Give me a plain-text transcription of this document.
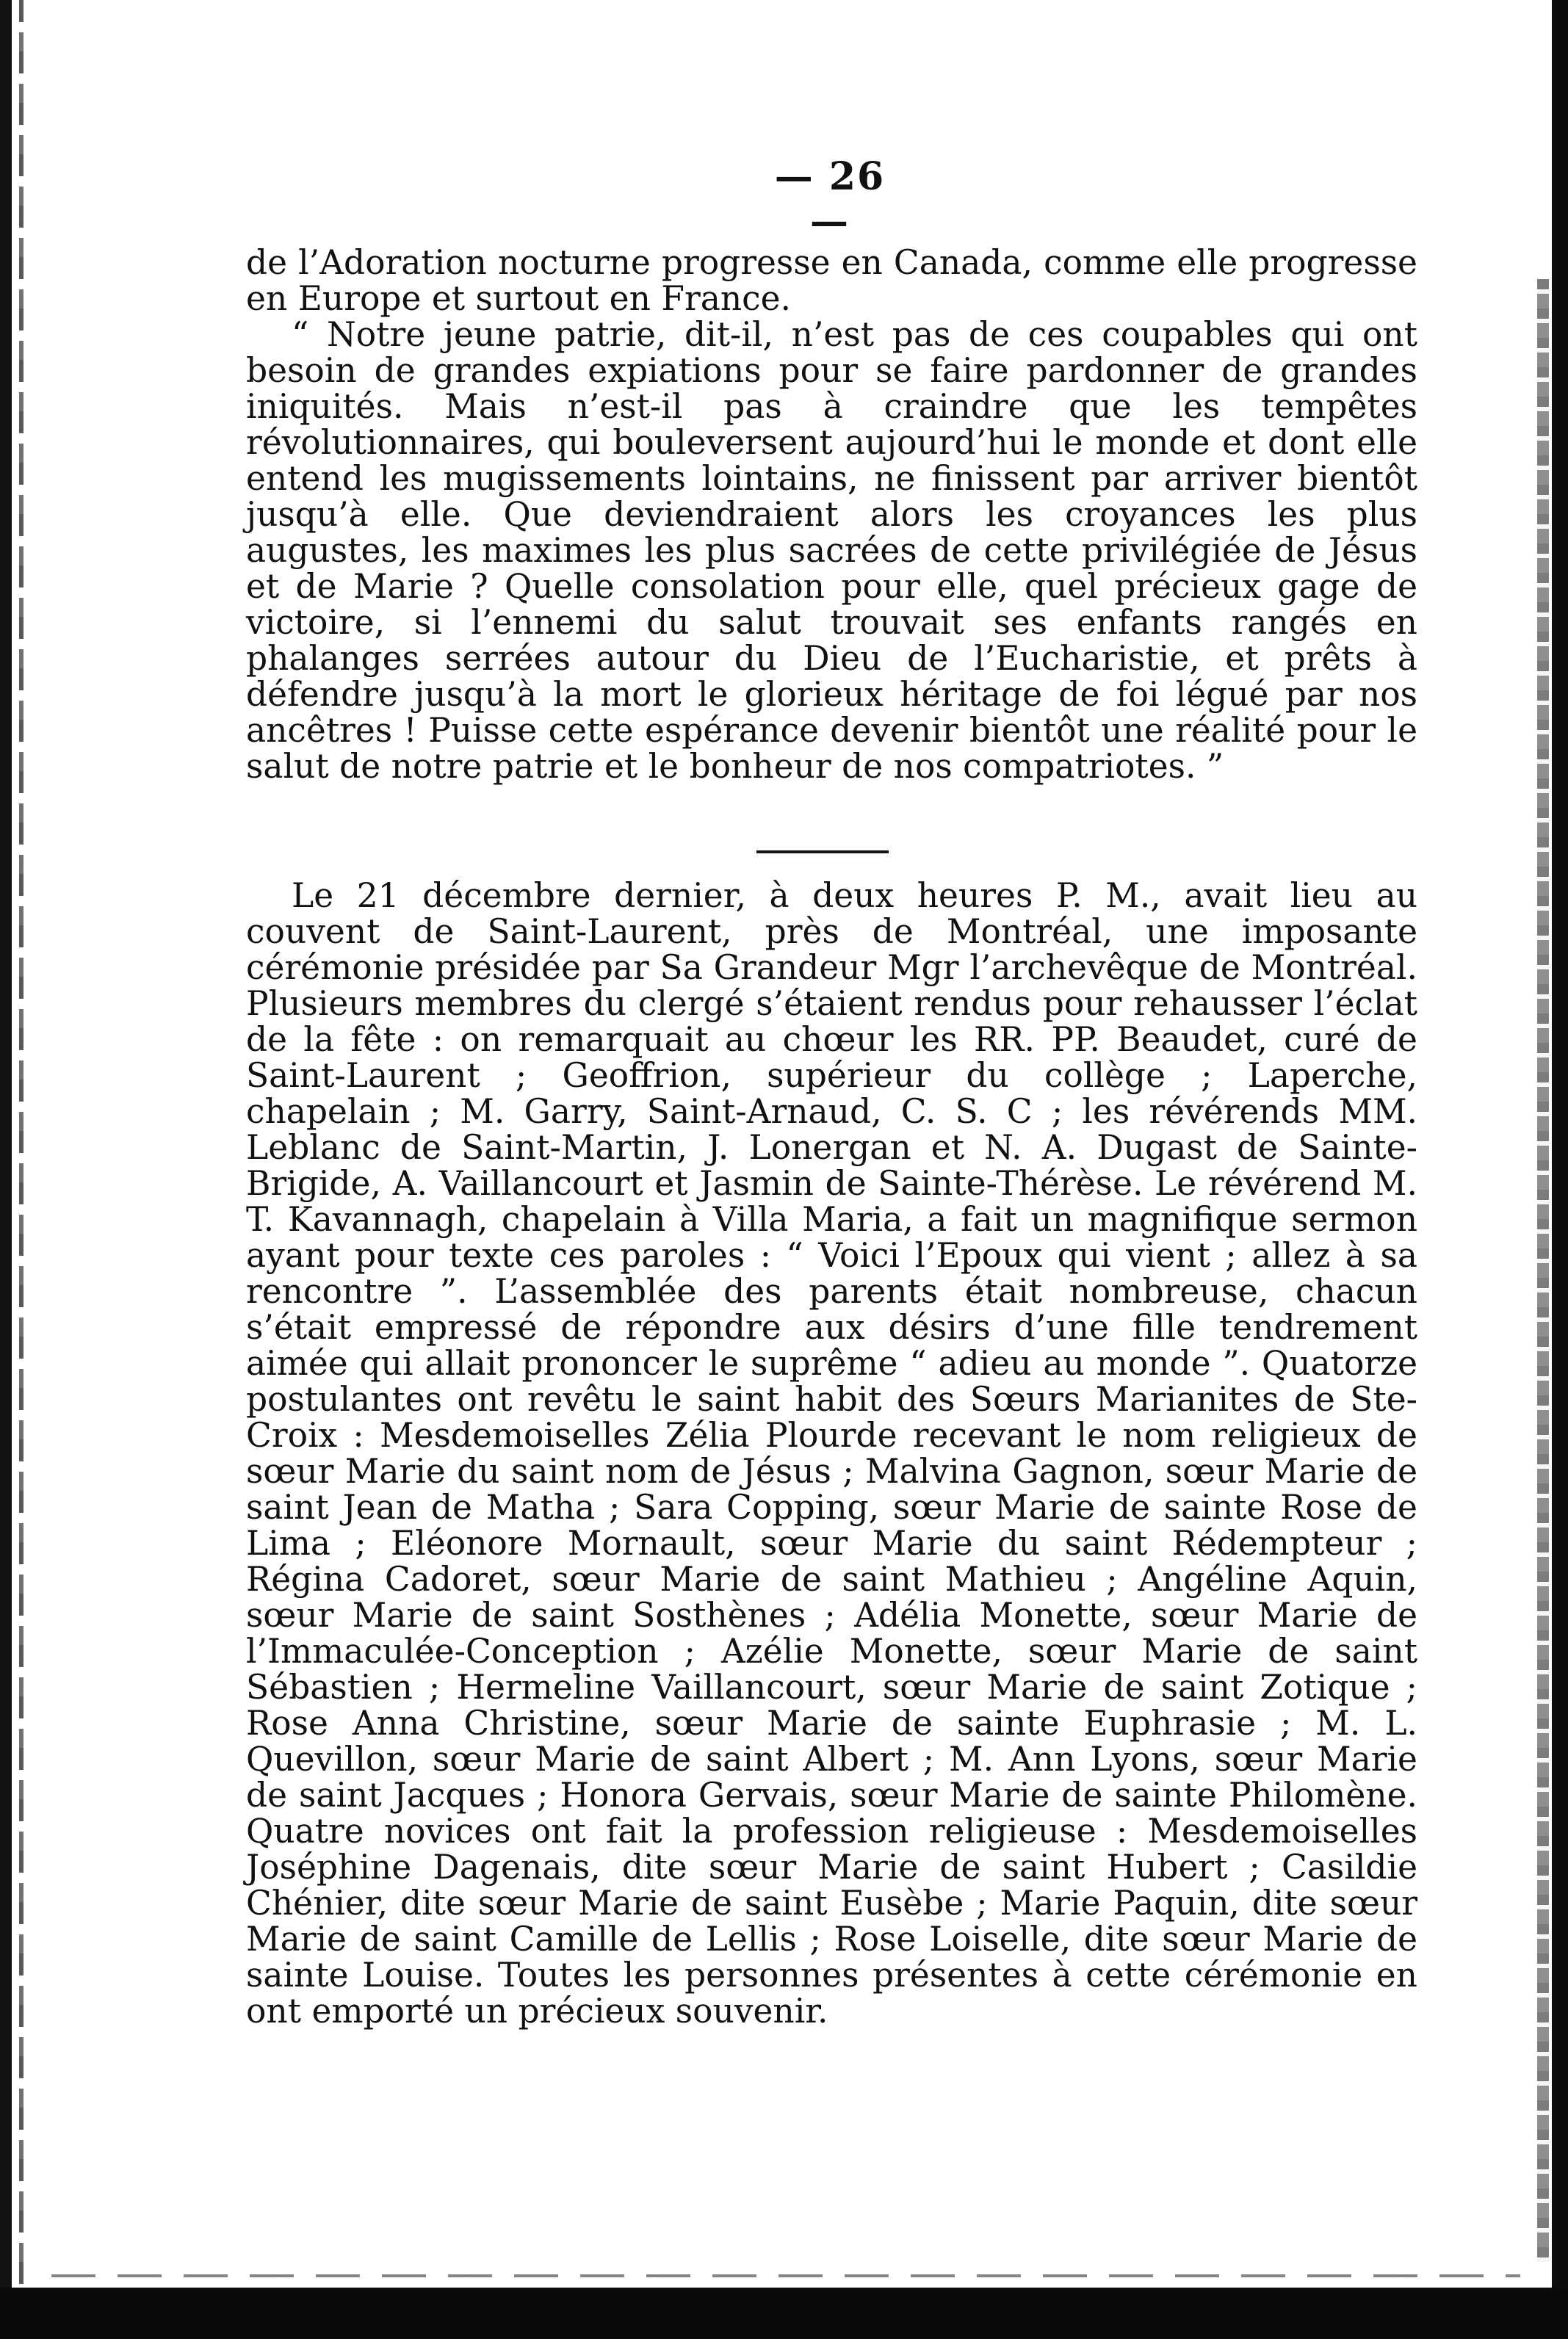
— 26 —

de l’Adoration nocturne progresse en Canada, comme elle progresse en Europe et surtout en France.

“ Notre jeune patrie, dit-il, n’est pas de ces coupables qui ont besoin de grandes expiations pour se faire pardonner de grandes iniquités. Mais n’est-il pas à craindre que les tempêtes révolutionnaires, qui bouleversent aujourd’hui le monde et dont elle entend les mugissements lointains, ne finissent par arriver bientôt jusqu’à elle. Que deviendraient alors les croyances les plus augustes, les maximes les plus sacrées de cette privilégiée de Jésus et de Marie ? Quelle consolation pour elle, quel précieux gage de victoire, si l’ennemi du salut trouvait ses enfants rangés en phalanges serrées autour du Dieu de l’Eucharistie, et prêts à défendre jusqu’à la mort le glorieux héritage de foi légué par nos ancêtres ! Puisse cette espérance devenir bientôt une réalité pour le salut de notre patrie et le bonheur de nos compatriotes. ”

Le 21 décembre dernier, à deux heures P. M., avait lieu au couvent de Saint-Laurent, près de Montréal, une imposante cérémonie présidée par Sa Grandeur Mgr l’archevêque de Montréal. Plusieurs membres du clergé s’étaient rendus pour rehausser l’éclat de la fête : on remarquait au chœur les RR. PP. Beaudet, curé de Saint-Laurent ; Geoffrion, supérieur du collège ; Laperche, chapelain ; M. Garry, Saint-Arnaud, C. S. C ; les révérends MM. Leblanc de Saint-Martin, J. Lonergan et N. A. Dugast de Sainte-Brigide, A. Vaillancourt et Jasmin de Sainte-Thérèse. Le révérend M. T. Kavannagh, chapelain à Villa Maria, a fait un magnifique sermon ayant pour texte ces paroles : “ Voici l’Epoux qui vient ; allez à sa rencontre ”. L’assemblée des parents était nombreuse, chacun s’était empressé de répondre aux désirs d’une fille tendrement aimée qui allait prononcer le suprême “ adieu au monde ”. Quatorze postulantes ont revêtu le saint habit des Sœurs Marianites de Ste-Croix : Mesdemoiselles Zélia Plourde recevant le nom religieux de sœur Marie du saint nom de Jésus ; Malvina Gagnon, sœur Marie de saint Jean de Matha ; Sara Copping, sœur Marie de sainte Rose de Lima ; Eléonore Mornault, sœur Marie du saint Rédempteur ; Régina Cadoret, sœur Marie de saint Mathieu ; Angéline Aquin, sœur Marie de saint Sosthènes ; Adélia Monette, sœur Marie de l’Immaculée-Conception ; Azélie Monette, sœur Marie de saint Sébastien ; Hermeline Vaillancourt, sœur Marie de saint Zotique ; Rose Anna Christine, sœur Marie de sainte Euphrasie ; M. L. Quevillon, sœur Marie de saint Albert ; M. Ann Lyons, sœur Marie de saint Jacques ; Honora Gervais, sœur Marie de sainte Philomène. Quatre novices ont fait la profession religieuse : Mesdemoiselles Joséphine Dagenais, dite sœur Marie de saint Hubert ; Casildie Chénier, dite sœur Marie de saint Eusèbe ; Marie Paquin, dite sœur Marie de saint Camille de Lellis ; Rose Loiselle, dite sœur Marie de sainte Louise. Toutes les personnes présentes à cette cérémonie en ont emporté un précieux souvenir.
